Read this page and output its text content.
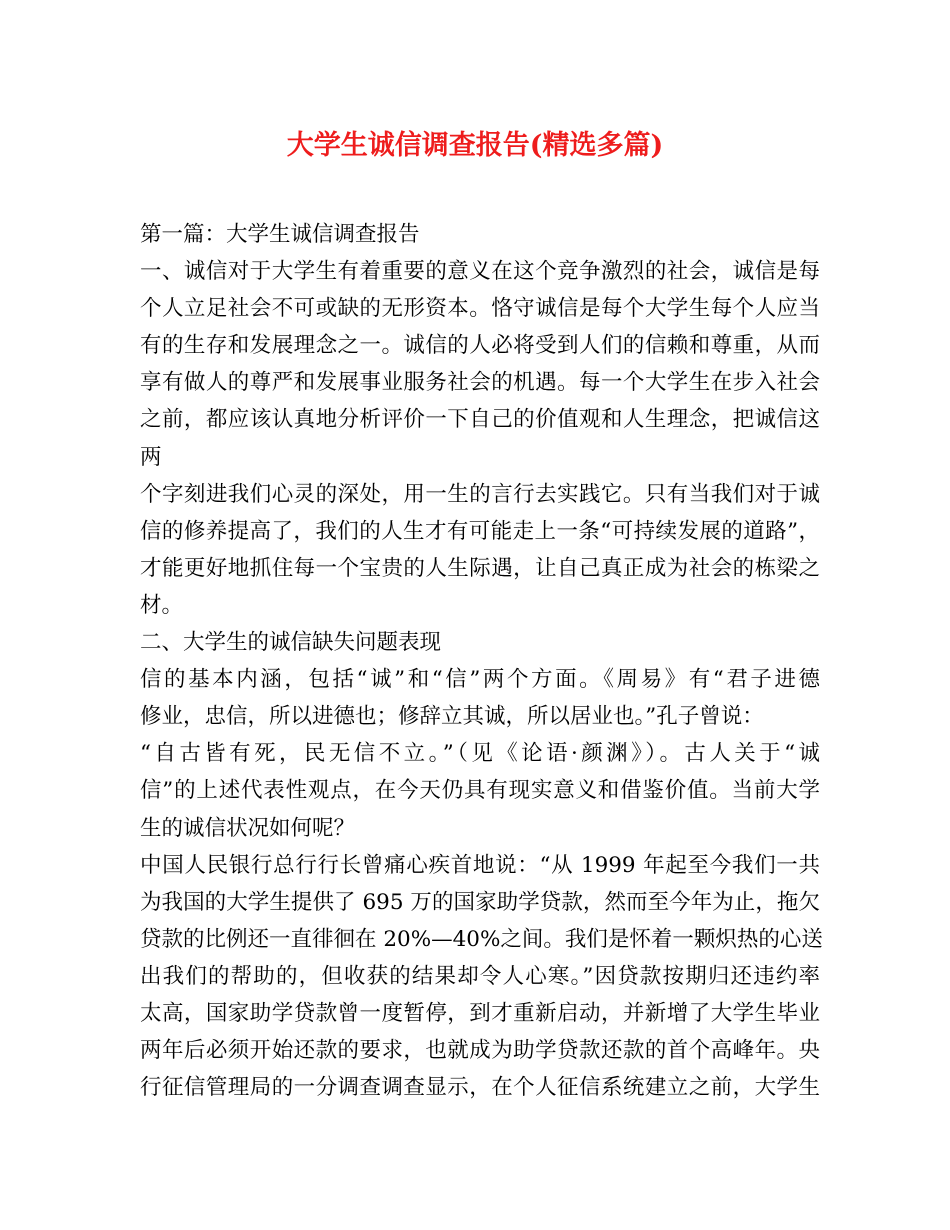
大学生诚信调查报告(精选多篇)
第一篇：大学生诚信调查报告
一、诚信对于大学生有着重要的意义在这个竞争激烈的社会，诚信是每
个人立足社会不可或缺的无形资本。恪守诚信是每个大学生每个人应当
有的生存和发展理念之一。诚信的人必将受到人们的信赖和尊重，从而
享有做人的尊严和发展事业服务社会的机遇。每一个大学生在步入社会
之前，都应该认真地分析评价一下自己的价值观和人生理念，把诚信这
两
个字刻进我们心灵的深处，用一生的言行去实践它。只有当我们对于诚
信的修养提高了，我们的人生才有可能走上一条“可持续发展的道路”，
才能更好地抓住每一个宝贵的人生际遇，让自己真正成为社会的栋梁之
材。
二、大学生的诚信缺失问题表现
信的基本内涵，包括“诚”和“信”两个方面。《周易》有“君子进德
修业，忠信，所以进德也；修辞立其诚，所以居业也。”孔子曾说：
“自古皆有死，民无信不立。”（见《论语·颜渊》）。古人关于“诚
信”的上述代表性观点，在今天仍具有现实意义和借鉴价值。当前大学
生的诚信状况如何呢？
中国人民银行总行行长曾痛心疾首地说：“从 1999 年起至今我们一共
为我国的大学生提供了 695 万的国家助学贷款，然而至今年为止，拖欠
贷款的比例还一直徘徊在 20%—40%之间。我们是怀着一颗炽热的心送
出我们的帮助的，但收获的结果却令人心寒。”因贷款按期归还违约率
太高，国家助学贷款曾一度暂停，到才重新启动，并新增了大学生毕业
两年后必须开始还款的要求，也就成为助学贷款还款的首个高峰年。央
行征信管理局的一分调查调查显示，在个人征信系统建立之前，大学生
